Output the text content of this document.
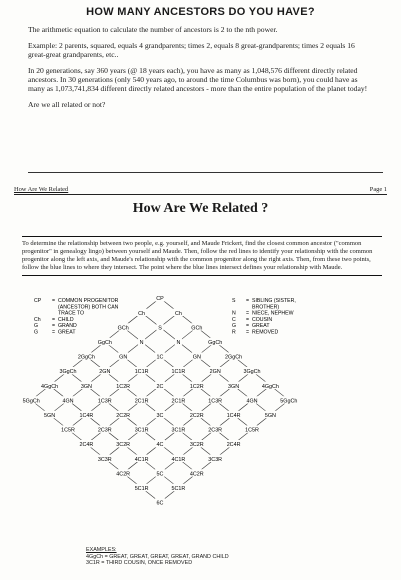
HOW MANY ANCESTORS DO YOU HAVE?
The arithmetic equation to calculate the number of ancestors is 2 to the nth power.
Example: 2 parents, squared, equals 4 grandparents; times 2, equals 8 great-grandparents; times 2 equals 16 great-great grandparents, etc..
In 20 generations, say 360 years (@ 18 years each), you have as many as 1,048,576 different directly related ancestors. In 30 generations (only 540 years ago, to around the time Columbus was born), you could have as many as 1,073,741,834 different directly related ancestors - more than the entire population of the planet today!
Are we all related or not?
How Are We Related	Page 1
How Are We Related ?
To determine the relationship between two people, e.g. yourself, and Maude Frickert, find the closest common ancestor ("common progenitor" in genealogy lingo) between yourself and Maude. Then, follow the red lines to identify your relationship with the common progenitor along the left axis, and Maude's relationship with the common progenitor along the right axis. Then, from these two points, follow the blue lines to where they intersect. The point where the blue lines intersect defines your relationship with Maude.
CP = COMMON PROGENITOR
(ANCESTOR) BOTH CAN
TRACE TO
Ch = CHILD
G	= GRAND
G	= GREAT
S = SIBLING (SISTER,
BROTHER)
N = NIECE, NEPHEW
C = COUSIN
G = GREAT
R = REMOVED
CP
Ch
Ch
GCh
S
GCh
GgCh
N
N
GgCh
2GgCh
GN
1C
GN
2GgCh
3GgCh
2GN
1C1R
1C1R
2GN
3GgCh
4GgCh
3GN
1C2R
2C
1C2R
3GN
4GgCh
5GgCh
4GN
1C3R
2C1R
2C1R
1C3R
4GN
5GgCh
5GN
1C4R
2C2R
3C
2C2R
1C4R
5GN
1C5R
2C3R
3C1R
3C1R
2C3R
1C5R
2C4R
3C2R
4C
3C2R
2C4R
3C3R
4C1R
4C1R
3C3R
4C2R
5C
4C2R
5C1R
5C1R
6C
EXAMPLES:
4GgCh = GREAT, GREAT, GREAT, GREAT, GRAND CHILD
3C1R = THIRD COUSIN, ONCE REMOVED
